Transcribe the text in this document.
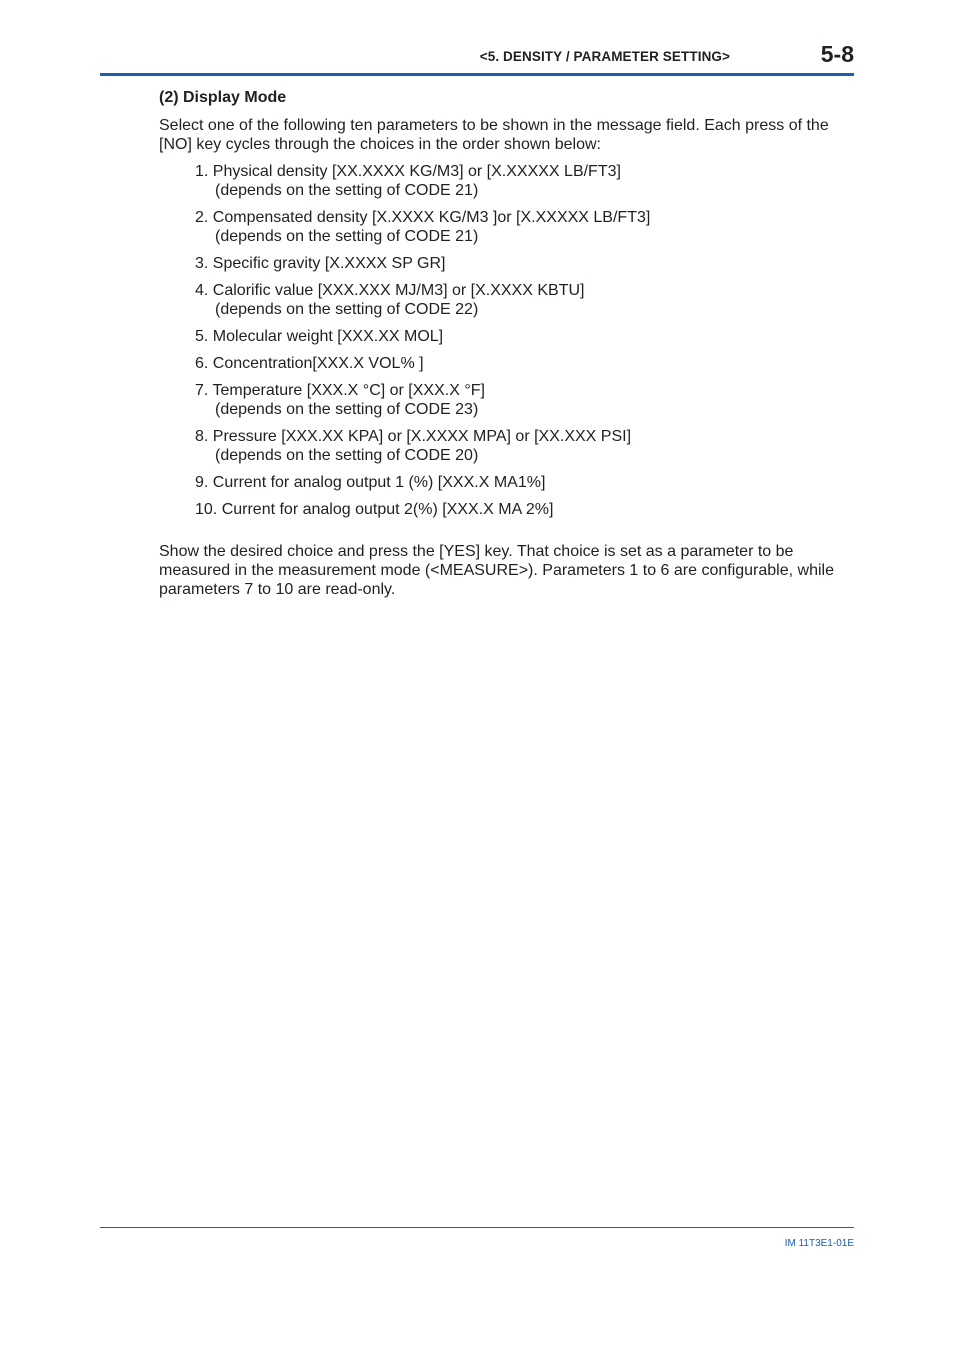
<5. DENSITY / PARAMETER SETTING>	5-8
(2) Display Mode

Select one of the following ten parameters to be shown in the message field. Each press of the
[NO] key cycles through the choices in the order shown below:

1. Physical density [XX.XXXX KG/M3] or [X.XXXXX LB/FT3]
(depends on the setting of CODE 21)
2. Compensated density [X.XXXX KG/M3 ]or [X.XXXXX LB/FT3]
(depends on the setting of CODE 21)
3. Specific gravity [X.XXXX SP GR]
4. Calorific value [XXX.XXX MJ/M3] or [X.XXXX KBTU]
(depends on the setting of CODE 22)
5. Molecular weight [XXX.XX MOL]
6. Concentration[XXX.X VOL% ]
7. Temperature [XXX.X °C] or [XXX.X °F]
(depends on the setting of CODE 23)
8. Pressure [XXX.XX KPA] or [X.XXXX MPA] or [XX.XXX PSI]
(depends on the setting of CODE 20)
9. Current for analog output 1 (%) [XXX.X MA1%]
10. Current for analog output 2(%) [XXX.X MA 2%]

Show the desired choice and press the [YES] key. That choice is set as a parameter to be
measured in the measurement mode (<MEASURE>). Parameters 1 to 6 are configurable, while
parameters 7 to 10 are read-only.

IM 11T3E1-01E
